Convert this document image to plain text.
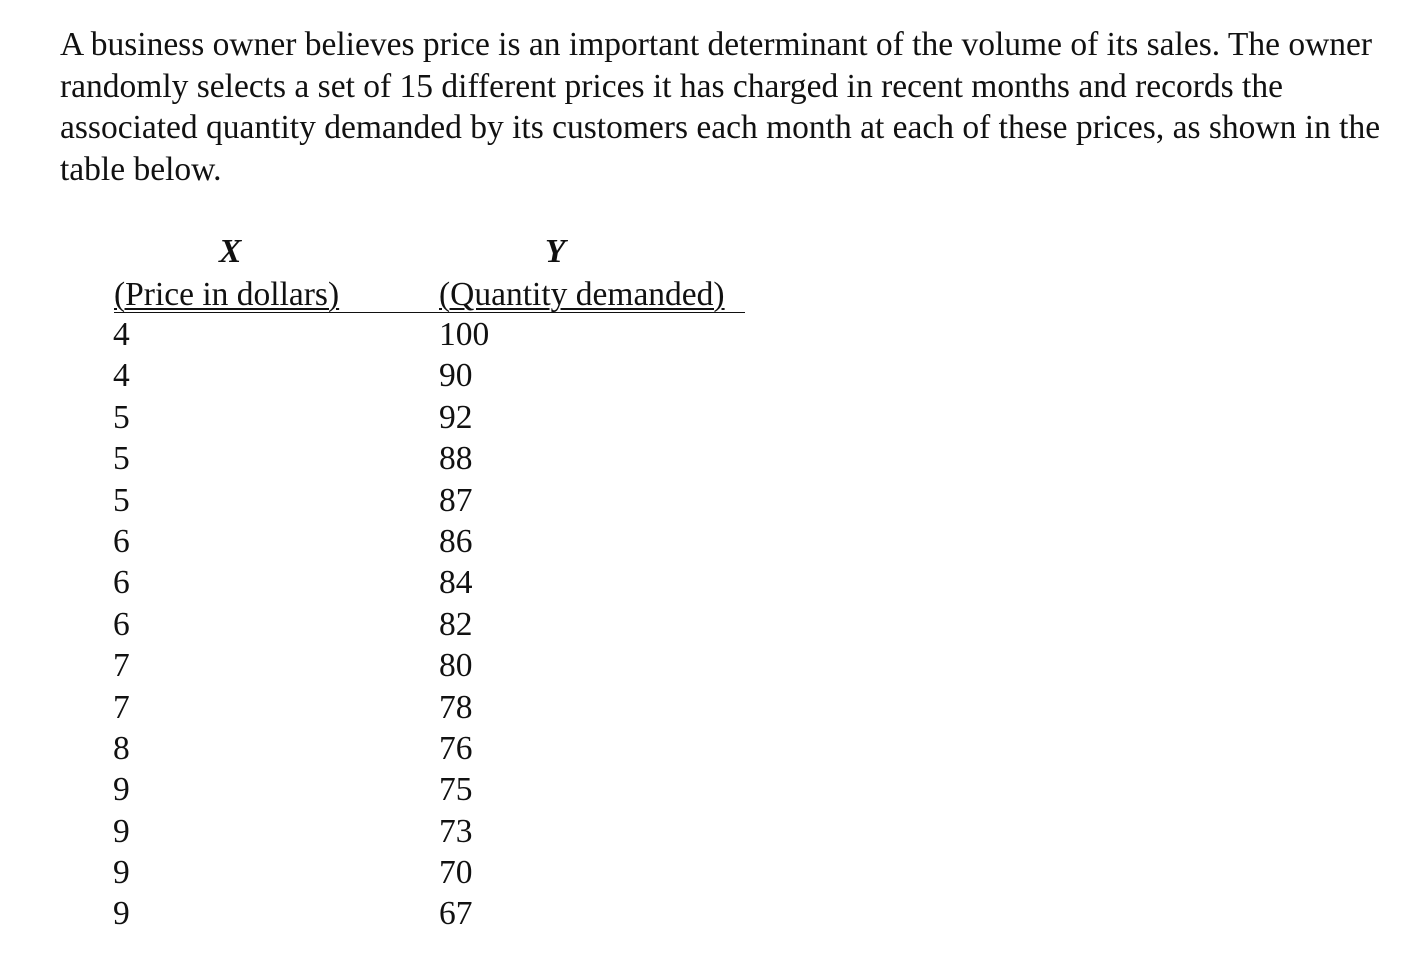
A business owner believes price is an important determinant of the volume of its sales. The owner randomly selects a set of 15 different prices it has charged in recent months and records the associated quantity demanded by its customers each month at each of these prices, as shown in the table below.

X	Y
(Price in dollars)	(Quantity demanded)
4
4
5
5
5
6
6
6
7
7
8
9
9
9
9
100
90
92
88
87
86
84
82
80
78
76
75
73
70
67
